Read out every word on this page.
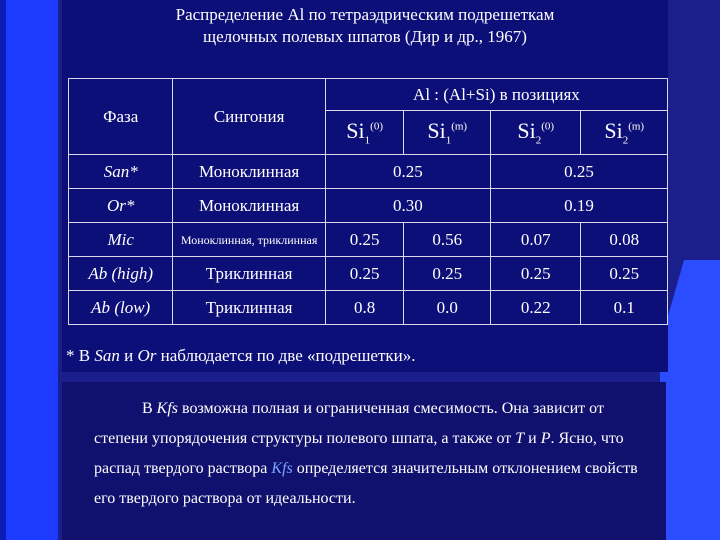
Распределение Al по тетраэдрическим подрешеткам
щелочных полевых шпатов (Дир и др., 1967)
Фаза	Сингония	Al : (Al+Si) в позициях			
		$Si_1^{(0)}$	$Si_1^{(m)}$	$Si_2^{(0)}$	$Si_2^{(m)}$
San*	Моноклинная	0.25		0.25	
Or*	Моноклинная	0.30		0.19	
Mic	Моноклинная, триклинная	0.25	0.56	0.07	0.08
Ab (high)	Триклинная	0.25	0.25	0.25	0.25
Ab (low)	Триклинная	0.8	0.0	0.22	0.1
* В San и Or наблюдается по две «подрешетки».
В Kfs возможна полная и ограниченная смесимость. Она зависит от степени упорядочения структуры полевого шпата, а также от T и P. Ясно, что распад твердого раствора Kfs определяется значительным отклонением свойств его твердого раствора от идеальности.
